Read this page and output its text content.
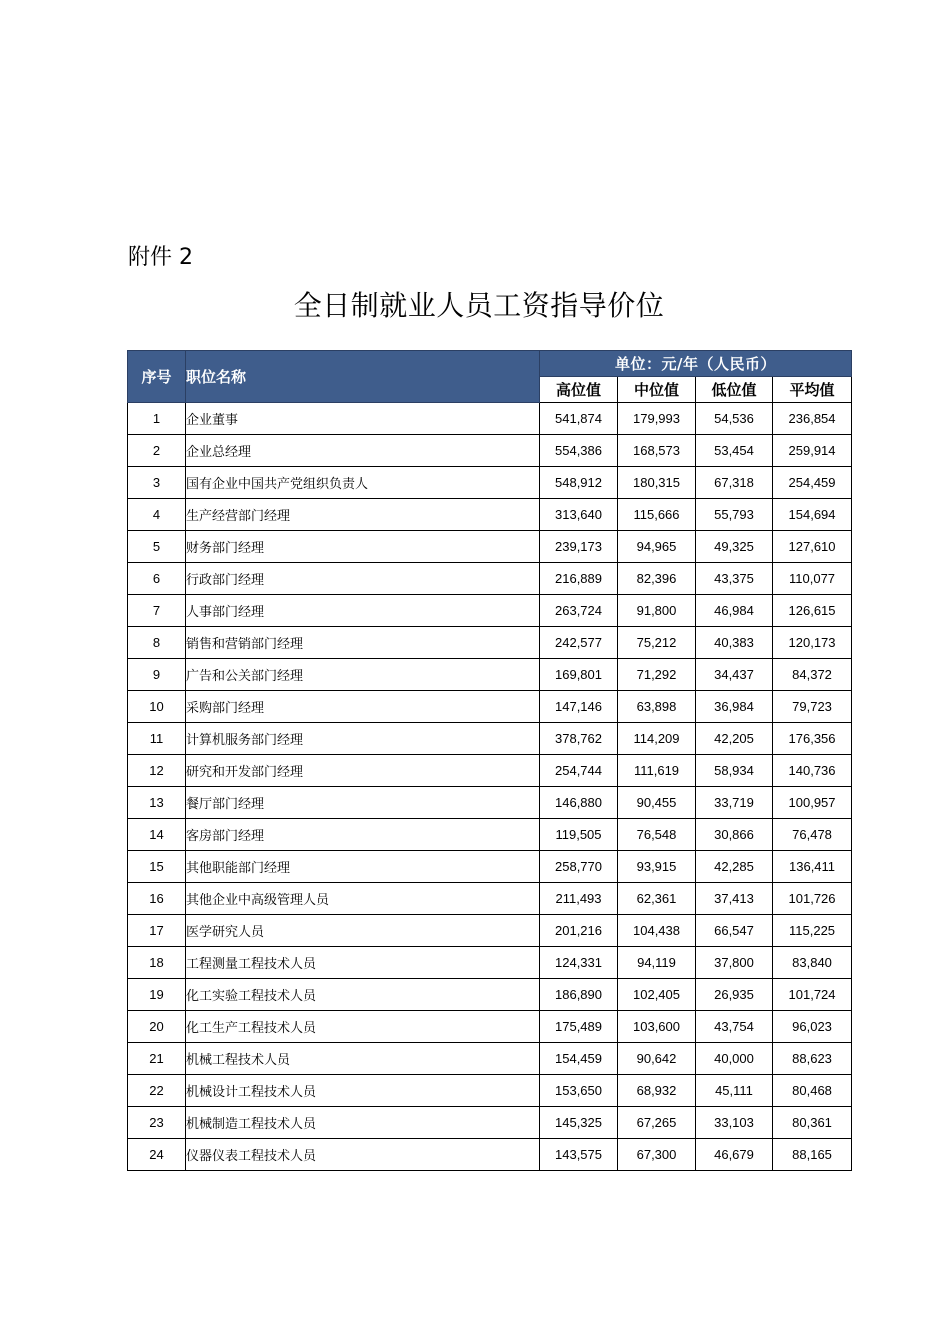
附件 2
全日制就业人员工资指导价位
序号	职位名称	单位：元/年（人民币）			
		高位值	中位值	低位值	平均值
1	企业董事	541,874	179,993	54,536	236,854
2	企业总经理	554,386	168,573	53,454	259,914
3	国有企业中国共产党组织负责人	548,912	180,315	67,318	254,459
4	生产经营部门经理	313,640	115,666	55,793	154,694
5	财务部门经理	239,173	94,965	49,325	127,610
6	行政部门经理	216,889	82,396	43,375	110,077
7	人事部门经理	263,724	91,800	46,984	126,615
8	销售和营销部门经理	242,577	75,212	40,383	120,173
9	广告和公关部门经理	169,801	71,292	34,437	84,372
10	采购部门经理	147,146	63,898	36,984	79,723
11	计算机服务部门经理	378,762	114,209	42,205	176,356
12	研究和开发部门经理	254,744	111,619	58,934	140,736
13	餐厅部门经理	146,880	90,455	33,719	100,957
14	客房部门经理	119,505	76,548	30,866	76,478
15	其他职能部门经理	258,770	93,915	42,285	136,411
16	其他企业中高级管理人员	211,493	62,361	37,413	101,726
17	医学研究人员	201,216	104,438	66,547	115,225
18	工程测量工程技术人员	124,331	94,119	37,800	83,840
19	化工实验工程技术人员	186,890	102,405	26,935	101,724
20	化工生产工程技术人员	175,489	103,600	43,754	96,023
21	机械工程技术人员	154,459	90,642	40,000	88,623
22	机械设计工程技术人员	153,650	68,932	45,111	80,468
23	机械制造工程技术人员	145,325	67,265	33,103	80,361
24	仪器仪表工程技术人员	143,575	67,300	46,679	88,165
